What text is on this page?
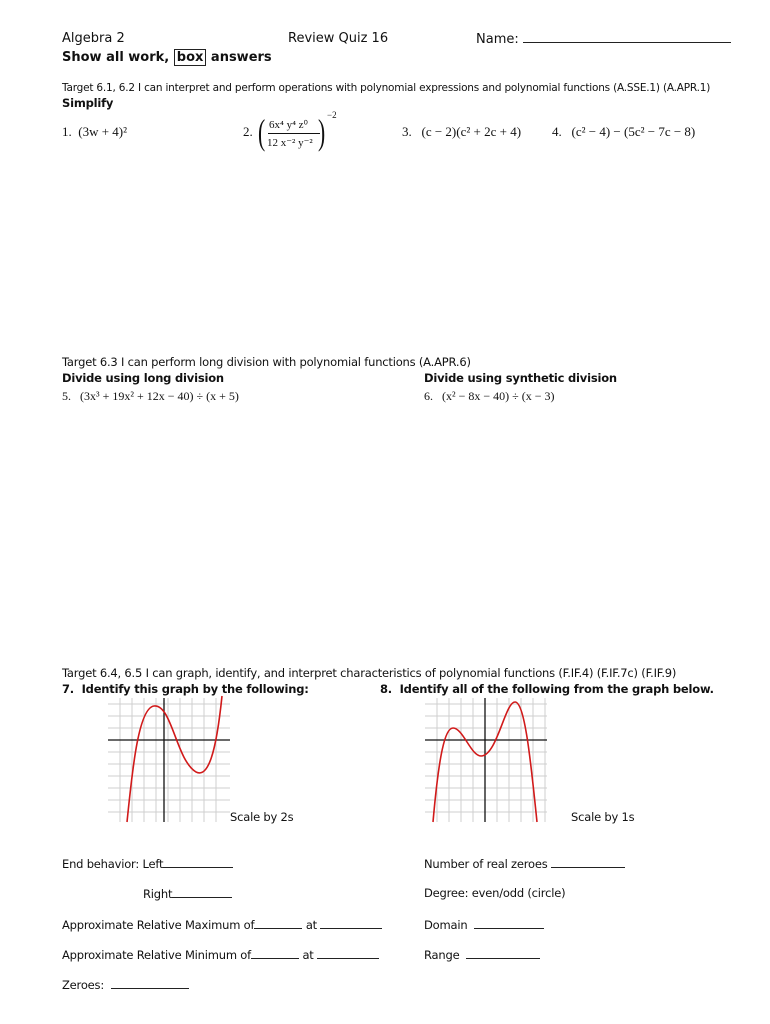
Algebra 2	Review Quiz 16	Name:
Show all work, box answers
Target 6.1, 6.2 I can interpret and perform operations with polynomial expressions and polynomial functions (A.SSE.1) (A.APR.1)
Simplify
1. (3w + 4)²	2. ( 6x⁴ y⁴ z⁰
12 x⁻² y⁻² ) −2
3. (c − 2)(c² + 2c + 4) 4. (c² − 4) − (5c² − 7c − 8)
Target 6.3 I can perform long division with polynomial functions (A.APR.6)
Divide using long division	Divide using synthetic division
5. (3x³ + 19x² + 12x − 40) ÷ (x + 5)	6. (x² − 8x − 40) ÷ (x − 3)
Target 6.4, 6.5 I can graph, identify, and interpret characteristics of polynomial functions (F.IF.4) (F.IF.7c) (F.IF.9)
7. Identify this graph by the following:	8. Identify all of the following from the graph below.
Scale by 2s	Scale by 1s
End behavior: Left
Right
Approximate Relative Maximum of	at
Approximate Relative Minimum of	at
Zeroes:
Number of real zeroes
Degree: even/odd (circle)
Domain
Range
